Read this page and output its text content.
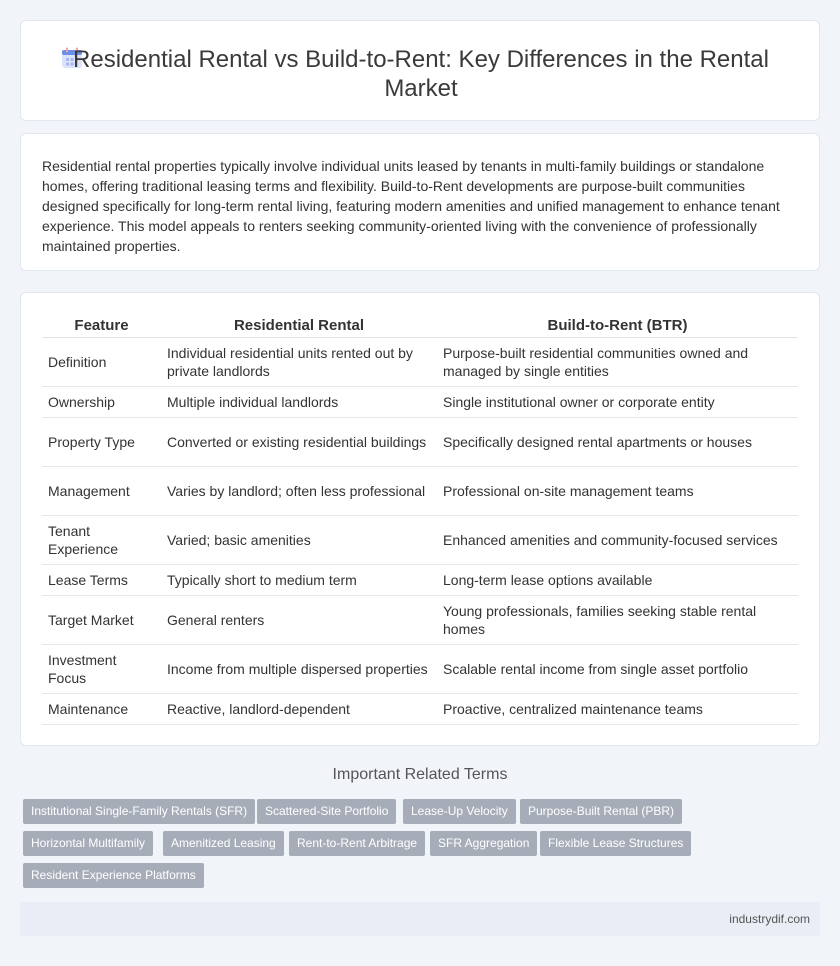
Residential Rental vs Build-to-Rent: Key Differences in the Rental Market

Residential rental properties typically involve individual units leased by tenants in multi-family buildings or standalone homes, offering traditional leasing terms and flexibility. Build-to-Rent developments are purpose-built communities designed specifically for long-term rental living, featuring modern amenities and unified management to enhance tenant experience. This model appeals to renters seeking community-oriented living with the convenience of professionally maintained properties.

Feature	Residential Rental	Build-to-Rent (BTR)
Definition	Individual residential units rented out by private landlords	Purpose-built residential communities owned and managed by single entities
Ownership	Multiple individual landlords	Single institutional owner or corporate entity
Property Type	Converted or existing residential buildings	Specifically designed rental apartments or houses
Management	Varies by landlord; often less professional	Professional on-site management teams
Tenant Experience	Varied; basic amenities	Enhanced amenities and community-focused services
Lease Terms	Typically short to medium term	Long-term lease options available
Target Market	General renters	Young professionals, families seeking stable rental homes
Investment Focus	Income from multiple dispersed properties	Scalable rental income from single asset portfolio
Maintenance	Reactive, landlord-dependent	Proactive, centralized maintenance teams
Important Related Terms
Institutional Single-Family Rentals (SFR)	Scattered-Site Portfolio	Lease-Up Velocity	Purpose-Built Rental (PBR)
Horizontal Multifamily	Amenitized Leasing	Rent-to-Rent Arbitrage	SFR Aggregation	Flexible Lease Structures
Resident Experience Platforms
industrydif.com
